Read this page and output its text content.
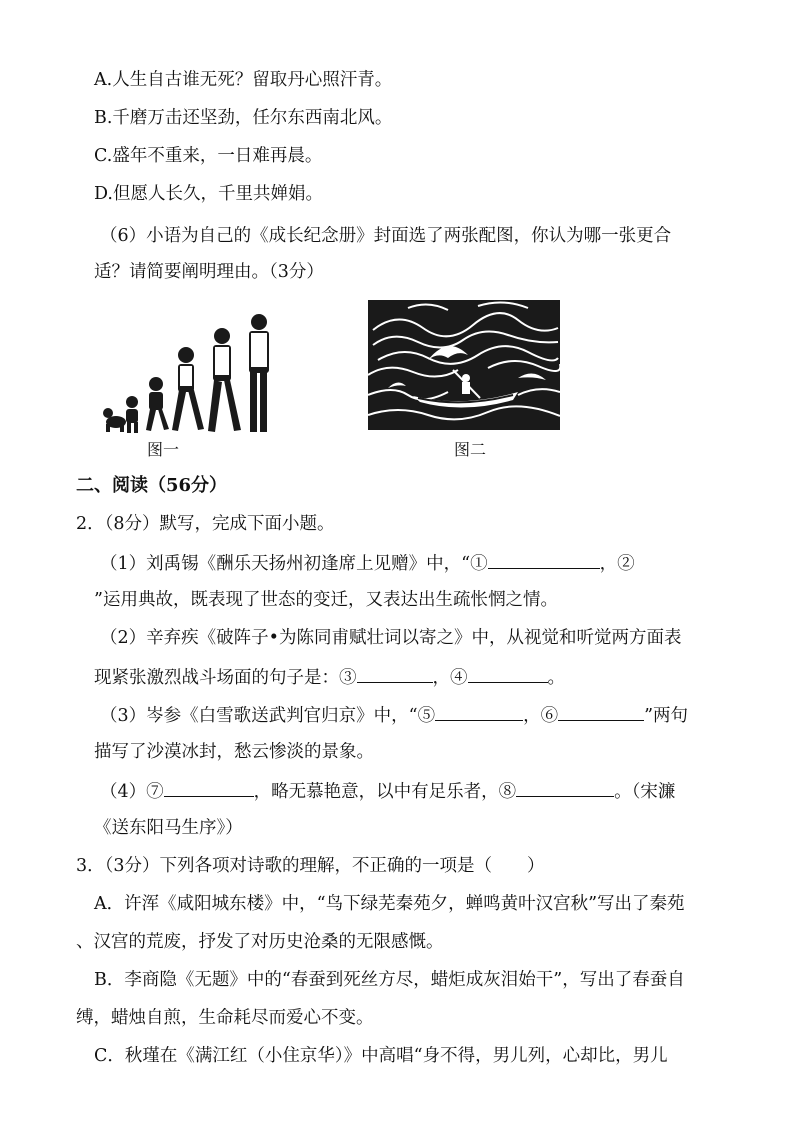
A.人生自古谁无死？留取丹心照汗青。
B.千磨万击还坚劲，任尔东西南北风。
C.盛年不重来，一日难再晨。
D.但愿人长久，千里共婵娟。
（6）小语为自己的《成长纪念册》封面选了两张配图，你认为哪一张更合
适？请简要阐明理由。（3分）
图一	图二
二、阅读（56分）
2．（8分）默写，完成下面小题。
（1）刘禹锡《酬乐天扬州初逢席上见赠》中，“①	，②
”运用典故，既表现了世态的变迁，又表达出生疏怅惘之情。
（2）辛弃疾《破阵子•为陈同甫赋壮词以寄之》中，从视觉和听觉两方面表
现紧张激烈战斗场面的句子是：③	，④	。
（3）岑参《白雪歌送武判官归京》中，“⑤	，⑥	”两句
描写了沙漠冰封，愁云惨淡的景象。
（4）⑦	，略无慕艳意，以中有足乐者，⑧	。（宋濂
《送东阳马生序》）
3．（3分）下列各项对诗歌的理解，不正确的一项是（　　）
A．许浑《咸阳城东楼》中，“鸟下绿芜秦苑夕，蝉鸣黄叶汉宫秋”写出了秦苑
、汉宫的荒废，抒发了对历史沧桑的无限感慨。
B．李商隐《无题》中的“春蚕到死丝方尽，蜡炬成灰泪始干”，写出了春蚕自
缚，蜡烛自煎，生命耗尽而爱心不变。
C．秋瑾在《满江红（小住京华）》中高唱“身不得，男儿列，心却比，男儿
